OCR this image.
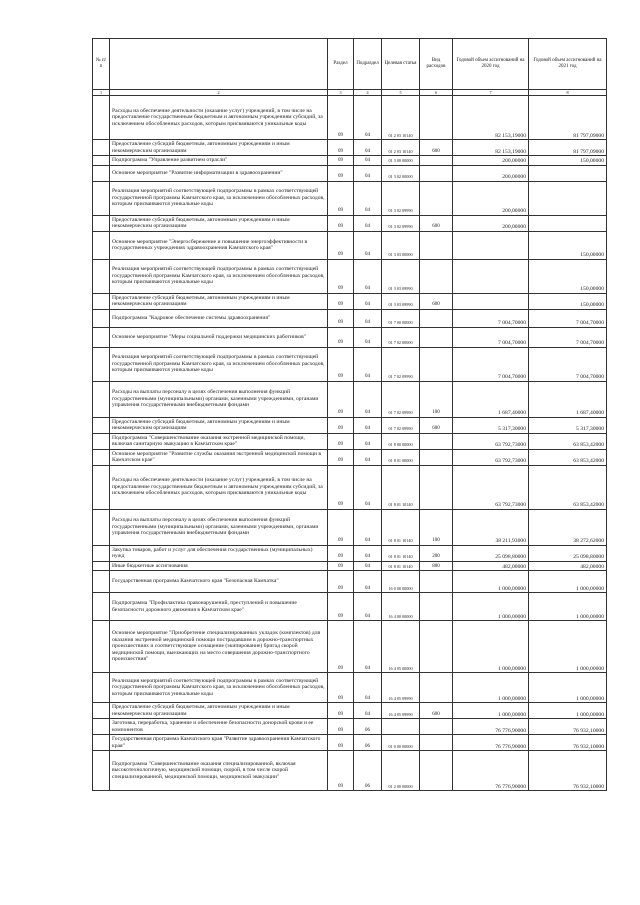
№ п/п		Раздел	Подраздел	Целевая статья	Вид расходов	Годовой объем ассигнований на 2020 год	Годовой объем ассигнований на 2021 год
1	2	3	4	5	6	7	8
	Расходы на обеспечение деятельности (оказание услуг) учреждений, в том числе на предоставление государственным бюджетным и автономным учреждениям субсидий, за исключением обособленных расходов, которым присваиваются уникальные коды	09	04	01 2 03 10140		82 153,19000	81 797,09000
	Предоставление субсидий бюджетным, автономным учреждениям и иным некоммерческим организациям	09	04	01 2 03 10140	600	82 153,19000	81 797,09000
	Подпрограмма "Управление развитием отрасли"	09	04	01 3 00 00000		200,00000	150,00000
	Основное мероприятие "Развитие информатизации в здравоохранении"	09	04	01 3 02 00000		200,00000	
	Реализация мероприятий соответствующей подпрограммы в рамках соответствующей государственной программы Камчатского края, за исключением обособленных расходов, которым присваиваются уникальные коды	09	04	01 3 02 09990		200,00000	
	Предоставление субсидий бюджетным, автономным учреждениям и иным некоммерческим организациям	09	04	01 3 02 09990	600	200,00000	
	Основное мероприятие "Энергосбережение и повышение энергоэффективности в государственных учреждениях здравоохранения Камчатского края"	09	04	01 3 03 00000			150,00000
	Реализация мероприятий соответствующей подпрограммы в рамках соответствующей государственной программы Камчатского края, за исключением обособленных расходов, которым присваиваются уникальные коды	09	04	01 3 03 09990			150,00000
	Предоставление субсидий бюджетным, автономным учреждениям и иным некоммерческим организациям	09	04	01 3 03 09990	600		150,00000
	Подпрограмма "Кадровое обеспечение системы здравоохранения"	09	04	01 7 00 00000		7 004,70000	7 004,70000
	Основное мероприятие "Меры социальной поддержки медицинских работников"	09	04	01 7 02 00000		7 004,70000	7 004,70000
	Реализация мероприятий соответствующей подпрограммы в рамках соответствующей государственной программы Камчатского края, за исключением обособленных расходов, которым присваиваются уникальные коды	09	04	01 7 02 09990		7 004,70000	7 004,70000
	Расходы на выплаты персоналу в целях обеспечения выполнения функций государственными (муниципальными) органами, казенными учреждениями, органами управления государственными внебюджетными фондами	09	04	01 7 02 09990	100	1 687,40000	1 687,40000
	Предоставление субсидий бюджетным, автономным учреждениям и иным некоммерческим организациям	09	04	01 7 02 09990	600	5 317,30000	5 317,30000
	Подпрограмма "Совершенствование оказания экстренной медицинской помощи, включая санитарную эвакуацию в Камчатском крае"	09	04	01 8 00 00000		63 792,73000	63 853,42000
	Основное мероприятие "Развитие службы оказания экстренной медицинской помощи в Камчатском крае"	09	04	01 8 01 00000		63 792,73000	63 853,42000
	Расходы на обеспечение деятельности (оказание услуг) учреждений, в том числе на предоставление государственным бюджетным и автономным учреждениям субсидий, за исключением обособленных расходов, которым присваиваются уникальные коды	09	04	01 8 01 10140		63 792,73000	63 853,42000
	Расходы на выплаты персоналу в целях обеспечения выполнения функций государственными (муниципальными) органами, казенными учреждениями, органами управления государственными внебюджетными фондами	09	04	01 8 01 10140	100	38 211,93000	38 272,62000
	Закупка товаров, работ и услуг для обеспечения государственных (муниципальных) нужд	09	04	01 8 01 10140	200	25 098,80000	25 098,80000
	Иные бюджетные ассигнования	09	04	01 8 01 10140	800	482,00000	482,00000
	Государственная программа Камчатского края "Безопасная Камчатка"	09	04	16 0 00 00000		1 000,00000	1 000,00000
	Подпрограмма "Профилактика правонарушений, преступлений и повышение безопасности дорожного движения в Камчатском крае"	09	04	16 4 00 00000		1 000,00000	1 000,00000
	Основное мероприятие "Приобретение специализированных укладок (комплектов) для оказания экстренной медицинской помощи пострадавшим в дорожно-транспортных происшествиях и соответствующее оснащение (экипирование) бригад скорой медицинской помощи, выезжающих на место совершения дорожно-транспортного происшествия"	09	04	16 4 05 00000		1 000,00000	1 000,00000
	Реализация мероприятий соответствующей подпрограммы в рамках соответствующей государственной программы Камчатского края, за исключением обособленных расходов, которым присваиваются уникальные коды	09	04	16 4 05 09990		1 000,00000	1 000,00000
	Предоставление субсидий бюджетным, автономным учреждениям и иным некоммерческим организациям	09	04	16 4 05 09990	600	1 000,00000	1 000,00000
	Заготовка, переработка, хранение и обеспечение безопасности донорской крови и ее компонентов	09	06			76 776,90000	76 932,10000
	Государственная программа Камчатского края "Развитие здравоохранения Камчатского края"	09	06	01 0 00 00000		76 776,90000	76 932,10000
	Подпрограмма "Совершенствование оказания специализированной, включая высокотехнологичную, медицинской помощи, скорой, в том числе скорой специализированной, медицинской помощи, медицинской эвакуации"	09	06	01 2 00 00000		76 776,90000	76 932,10000
